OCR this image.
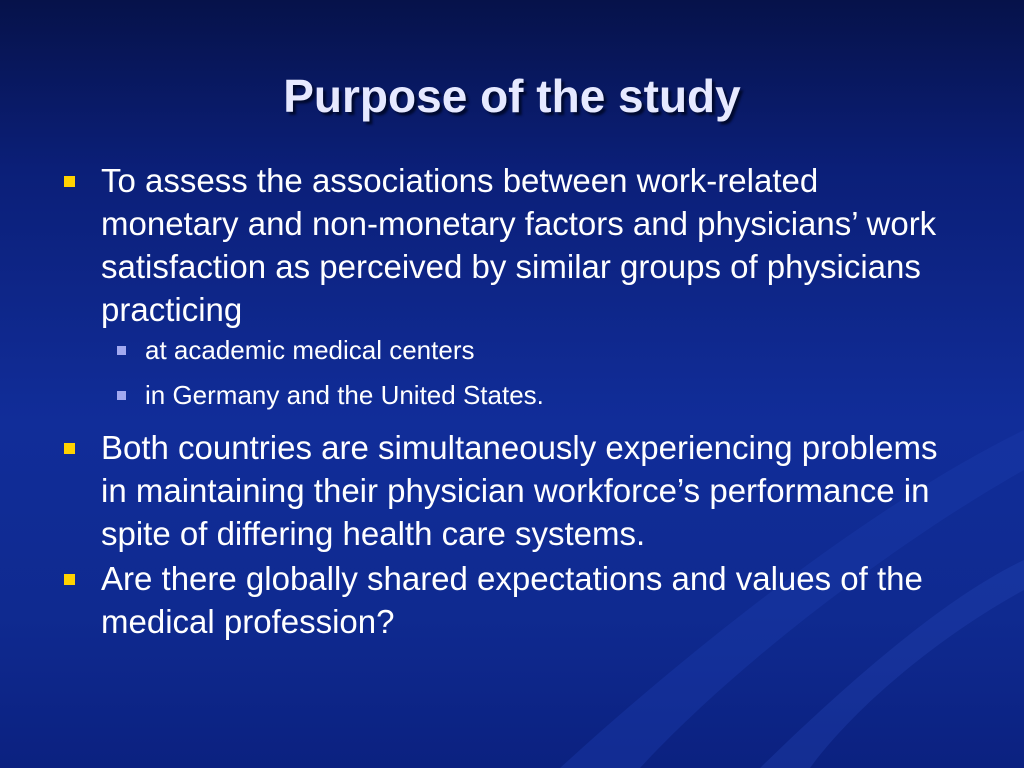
Purpose of the study
To assess the associations between work-related monetary and non-monetary factors and physicians’ work satisfaction as perceived by similar groups of physicians practicing
at academic medical centers
in Germany and the United States.
Both countries are simultaneously experiencing problems in maintaining their physician workforce’s performance in spite of differing health care systems.
Are there globally shared expectations and values of the medical profession?
